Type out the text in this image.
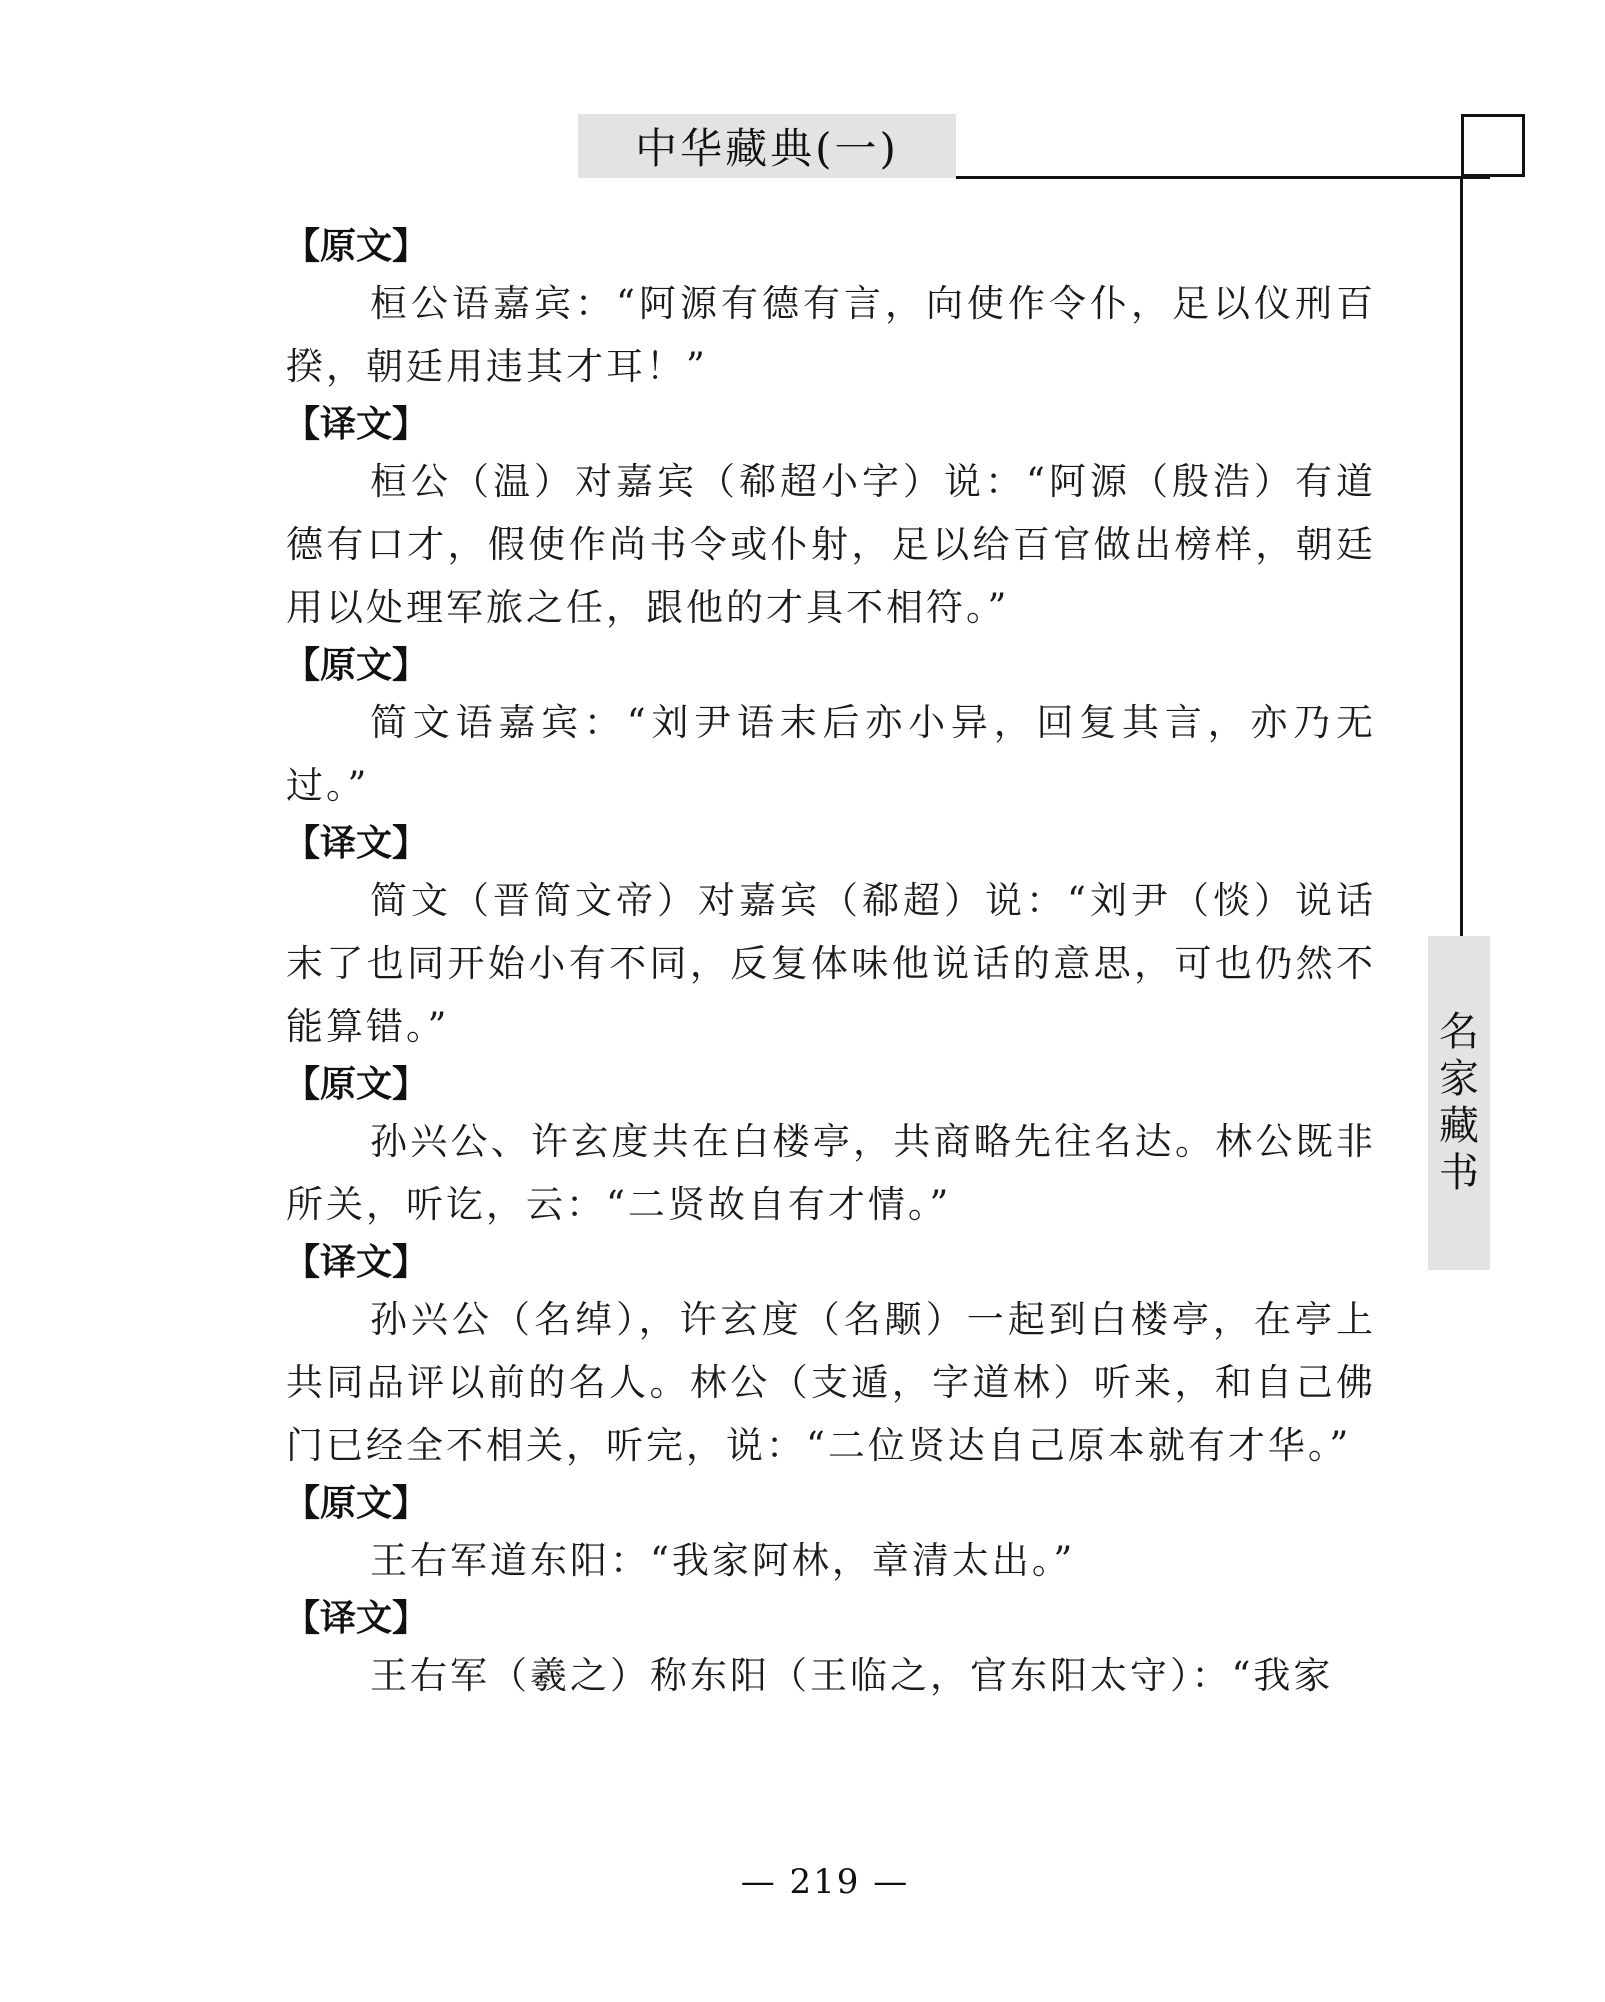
中华藏典(一)
名
家
藏
书
【原文】

桓公语嘉宾：“阿源有德有言，向使作令仆，足以仪刑百揆，朝廷用违其才耳！”

【译文】

桓公（温）对嘉宾（郗超小字）说：“阿源（殷浩）有道德有口才，假使作尚书令或仆射，足以给百官做出榜样，朝廷用以处理军旅之任，跟他的才具不相符。”

【原文】

简文语嘉宾：“刘尹语末后亦小异，回复其言，亦乃无过。”

【译文】

简文（晋简文帝）对嘉宾（郗超）说：“刘尹（惔）说话末了也同开始小有不同，反复体味他说话的意思，可也仍然不能算错。”

【原文】

孙兴公、许玄度共在白楼亭，共商略先往名达。林公既非所关，听讫，云：“二贤故自有才情。”

【译文】

孙兴公（名绰），许玄度（名颙）一起到白楼亭，在亭上共同品评以前的名人。林公（支遁，字道林）听来，和自己佛门已经全不相关，听完，说：“二位贤达自己原本就有才华。”

【原文】

王右军道东阳：“我家阿林，章清太出。”

【译文】

王右军（羲之）称东阳（王临之，官东阳太守）：“我家

— 219 —
